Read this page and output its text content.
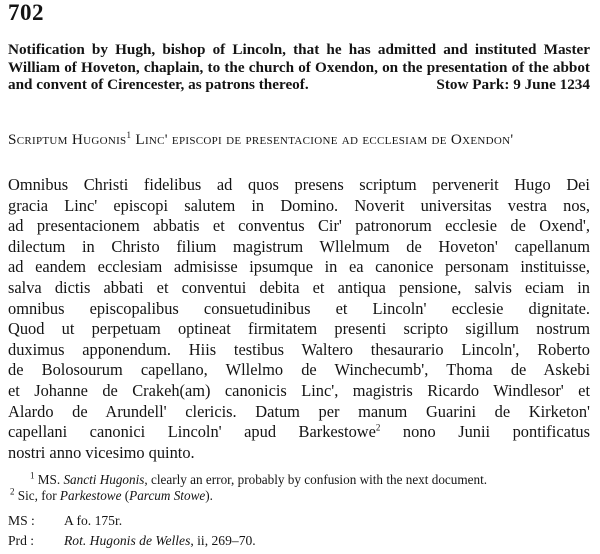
702
Notification by Hugh, bishop of Lincoln, that he has admitted and instituted Master William of Hoveton, chaplain, to the church of Oxendon, on the presentation of the abbot and convent of Cirencester, as patrons thereof.	Stow Park: 9 June 1234
Scriptum Hugonis$^1$ Linc' episcopi de presentacione ad ecclesiam de Oxendon'
Omnibus Christi fidelibus ad quos presens scriptum pervenerit Hugo Dei
gracia Linc' episcopi salutem in Domino. Noverit universitas vestra nos,
ad presentacionem abbatis et conventus Cir' patronorum ecclesie de Oxend',
dilectum in Christo filium magistrum Wllelmum de Hoveton' capellanum
ad eandem ecclesiam admisisse ipsumque in ea canonice personam instituisse,
salva dictis abbati et conventui debita et antiqua pensione, salvis eciam in
omnibus episcopalibus consuetudinibus et Lincoln' ecclesie dignitate.
Quod ut perpetuam optineat firmitatem presenti scripto sigillum nostrum
duximus apponendum. Hiis testibus Waltero thesaurario Lincoln', Roberto
de Bolosourum capellano, Wllelmo de Winchecumb', Thoma de Askebi
et Johanne de Crakeh(am) canonicis Linc', magistris Ricardo Windlesor' et
Alardo de Arundell' clericis. Datum per manum Guarini de Kirketon'
capellani canonici Lincoln' apud Barkestowe$^2$ nono Junii pontificatus
nostri anno vicesimo quinto.
$^1$ MS. Sancti Hugonis, clearly an error, probably by confusion with the next document.
$^2$ Sic, for Parkestowe (Parcum Stowe).
MS : A fo. 175r.
Prd : Rot. Hugonis de Welles, ii, 269–70.
